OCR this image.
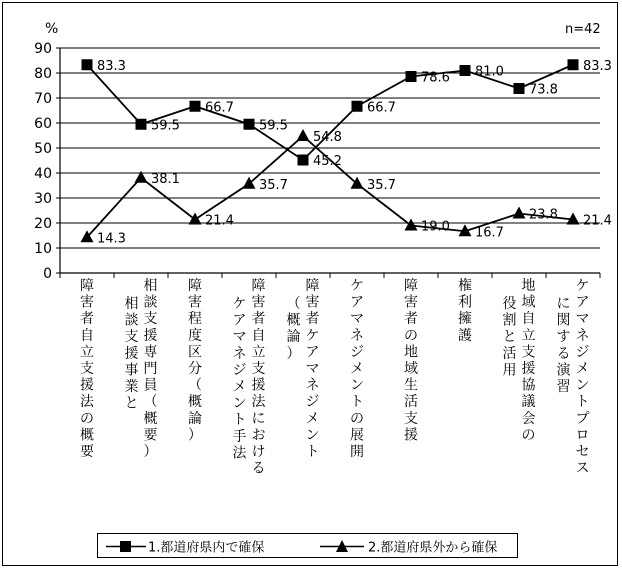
0
10
20
30
40
50
60
70
80
90
83.3
59.5
66.7
59.5
45.2
66.7
78.6 81.0
73.8
83.3
14.3
38.1
21.4
35.7
54.8
35.7
19.0 16.7
23.8 21.4
障害者自立支援法の概要
相談支援専門員（概要）
相談支援事業と
障害程度区分（概論）
障害者自立支援法における
ケアマネジメント手法
障害者ケアマネジメント
（概論）
ケアマネジメントの展開
障害者の地域生活支援
権利擁護
地域自立支援協議会の
役割と活用
ケアマネジメントプロセス
に関する演習
%	n=42
1.都道府県内で確保	2.都道府県外から確保
